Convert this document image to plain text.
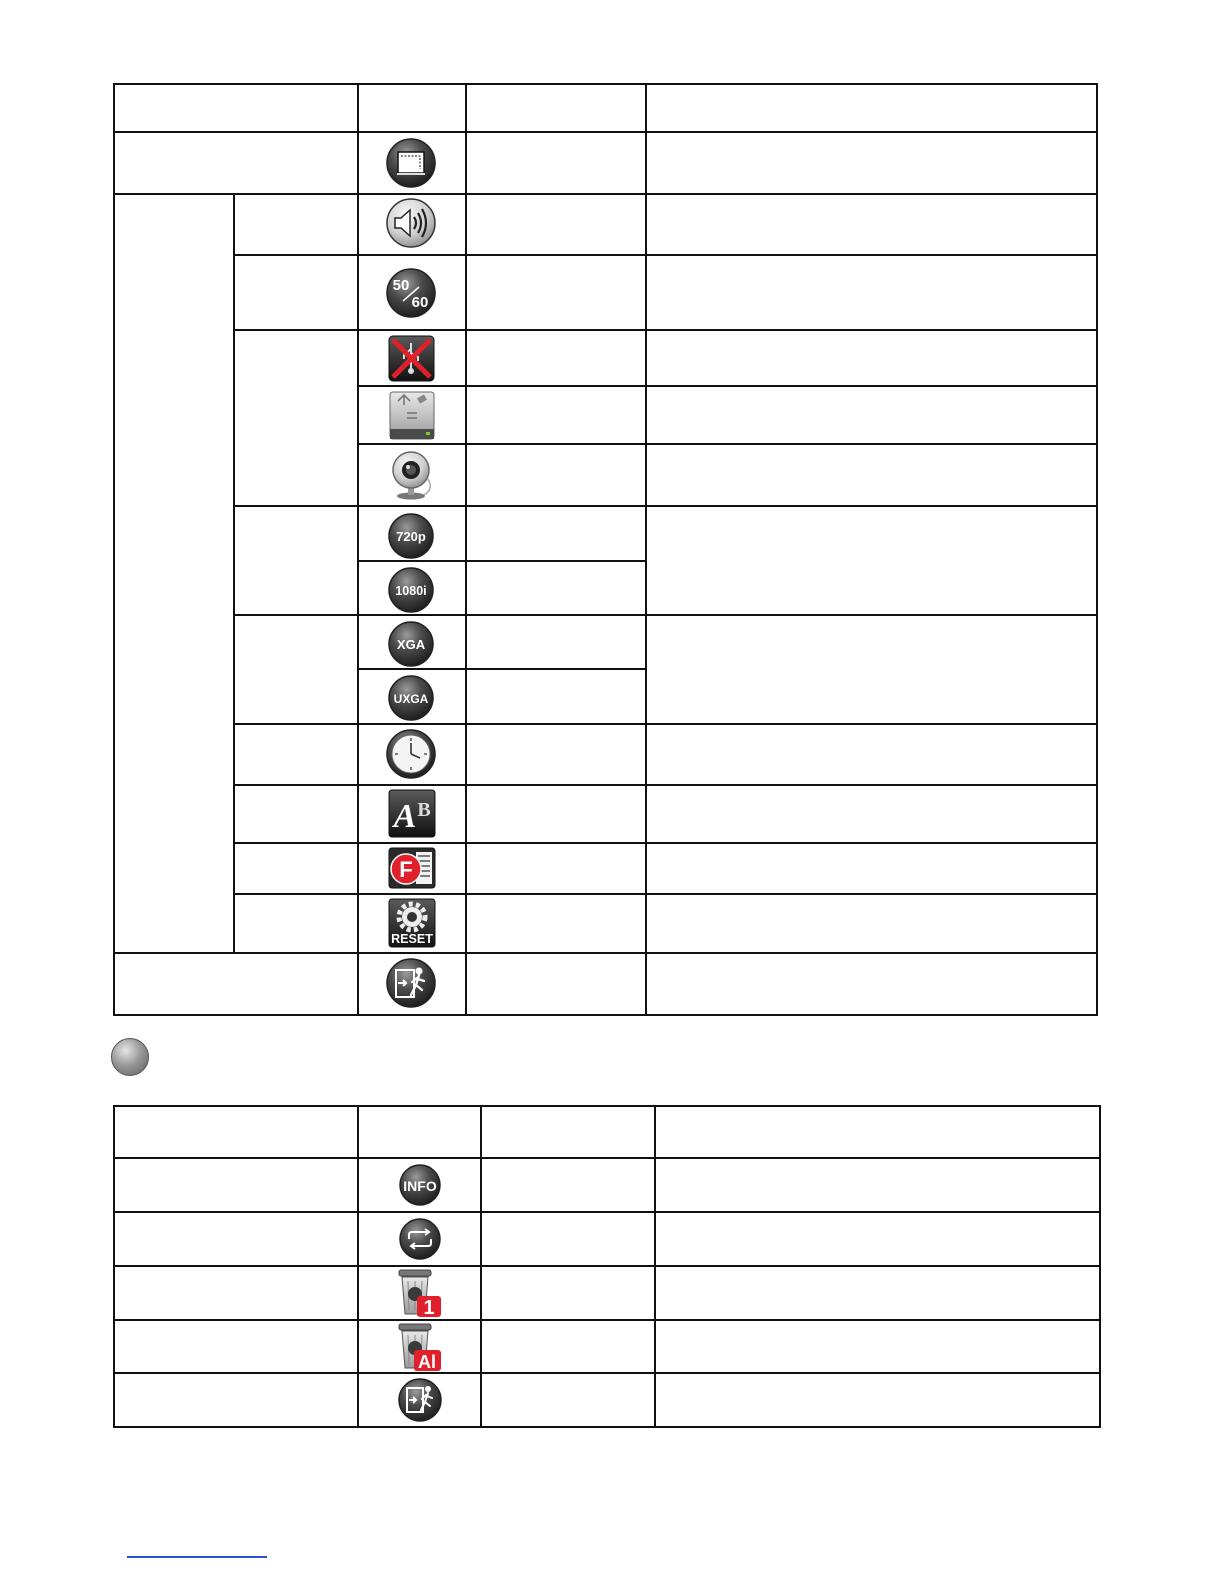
50
60
720p
1080i
XGA
UXGA
A B
F
RESET
INFO
1
Al
